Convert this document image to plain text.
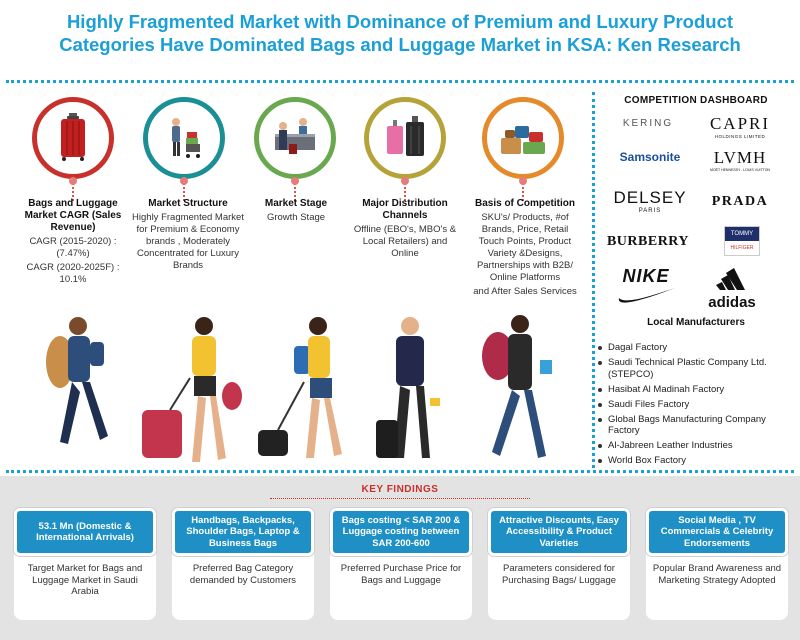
Highly Fragmented Market with Dominance of Premium and Luxury Product
Categories Have Dominated Bags and Luggage Market in KSA: Ken Research
Bags and Luggage Market CAGR (Sales Revenue)
CAGR (2015-2020) : (7.47%)
CAGR (2020-2025F) : 10.1%
Market Structure
Highly Fragmented Market for Premium & Economy brands , Moderately Concentrated for Luxury Brands
Market Stage
Growth Stage
Major Distribution Channels
Offline (EBO's, MBO's & Local Retailers) and Online
Basis of Competition
SKU's/ Products, #of Brands, Price, Retail Touch Points, Product Variety &Designs, Partnerships with B2B/ Online Platforms
and After Sales Services
COMPETITION DASHBOARD
KERING	CAPRI
HOLDINGS LIMITED
Samsonite	LVMH
MOËT HENNESSY . LOUIS VUITTON
DELSEY
PARIS
PRADA
BURBERRY	TOMMY
HILFIGER
NIKE
adidas
Local Manufacturers
Dagal Factory
Saudi Technical Plastic Company Ltd. (STEPCO)
Hasibat Al Madinah Factory
Saudi Files Factory
Global Bags Manufacturing Company Factory
Al-Jabreen Leather Industries
World Box Factory
KEY FINDINGS
53.1 Mn (Domestic & International Arrivals)
Target Market for Bags and Luggage Market in Saudi Arabia
Handbags, Backpacks, Shoulder Bags, Laptop & Business Bags
Preferred Bag Category demanded by Customers
Bags costing < SAR 200 & Luggage costing between SAR 200-600
Preferred Purchase Price for Bags and Luggage
Attractive Discounts, Easy Accessibility & Product Varieties
Parameters considered for Purchasing Bags/ Luggage
Social Media , TV Commercials & Celebrity Endorsements
Popular Brand Awareness and Marketing Strategy Adopted
